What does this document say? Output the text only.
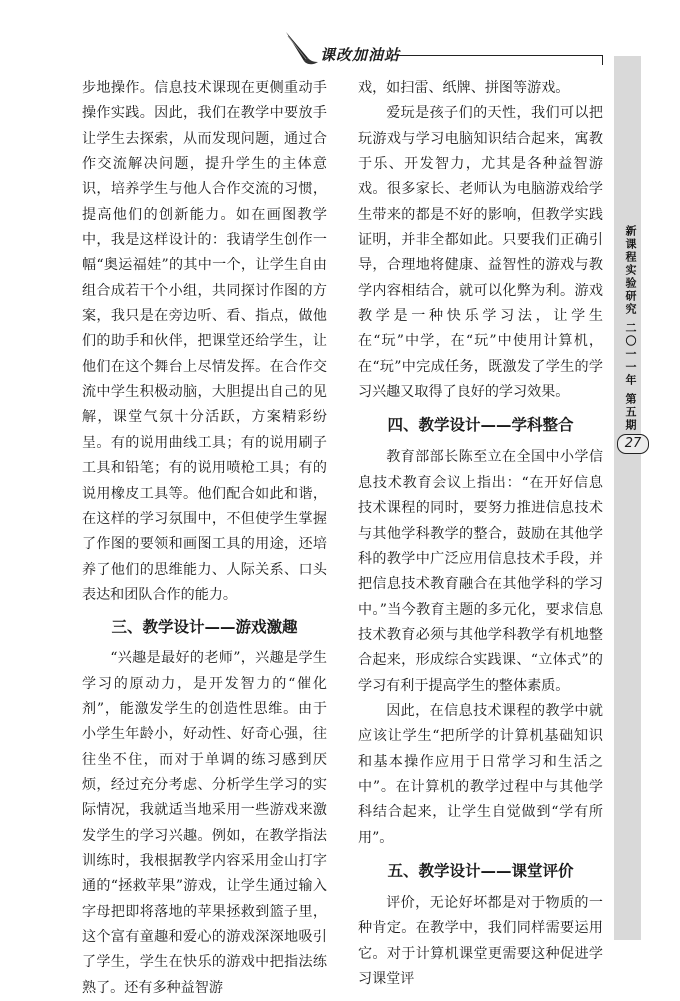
课改加油站
新课程实验研究 二〇一一年 第五期
27

步地操作。信息技术课现在更侧重动手操作实践。因此，我们在教学中要放手让学生去探索，从而发现问题，通过合作交流解决问题，提升学生的主体意识，培养学生与他人合作交流的习惯，提高他们的创新能力。如在画图教学中，我是这样设计的：我请学生创作一幅“奥运福娃”的其中一个，让学生自由组合成若干个小组，共同探讨作图的方案，我只是在旁边听、看、指点，做他们的助手和伙伴，把课堂还给学生，让他们在这个舞台上尽情发挥。在合作交流中学生积极动脑，大胆提出自己的见解，课堂气氛十分活跃，方案精彩纷呈。有的说用曲线工具；有的说用刷子工具和铅笔；有的说用喷枪工具；有的说用橡皮工具等。他们配合如此和谐，在这样的学习氛围中，不但使学生掌握了作图的要领和画图工具的用途，还培养了他们的思维能力、人际关系、口头表达和团队合作的能力。

三、教学设计——游戏激趣

“兴趣是最好的老师”，兴趣是学生学习的原动力，是开发智力的“催化剂”，能激发学生的创造性思维。由于小学生年龄小，好动性、好奇心强，往往坐不住，而对于单调的练习感到厌烦，经过充分考虑、分析学生学习的实际情况，我就适当地采用一些游戏来激发学生的学习兴趣。例如，在教学指法训练时，我根据教学内容采用金山打字通的“拯救苹果”游戏，让学生通过输入字母把即将落地的苹果拯救到篮子里，这个富有童趣和爱心的游戏深深地吸引了学生，学生在快乐的游戏中把指法练熟了。还有多种益智游

戏，如扫雷、纸牌、拼图等游戏。

爱玩是孩子们的天性，我们可以把玩游戏与学习电脑知识结合起来，寓教于乐、开发智力，尤其是各种益智游戏。很多家长、老师认为电脑游戏给学生带来的都是不好的影响，但教学实践证明，并非全都如此。只要我们正确引导，合理地将健康、益智性的游戏与教学内容相结合，就可以化弊为利。游戏教学是一种快乐学习法，让学生在“玩”中学，在“玩”中使用计算机，在“玩”中完成任务，既激发了学生的学习兴趣又取得了良好的学习效果。

四、教学设计——学科整合

教育部部长陈至立在全国中小学信息技术教育会议上指出：“在开好信息技术课程的同时，要努力推进信息技术与其他学科教学的整合，鼓励在其他学科的教学中广泛应用信息技术手段，并把信息技术教育融合在其他学科的学习中。”当今教育主题的多元化，要求信息技术教育必须与其他学科教学有机地整合起来，形成综合实践课、“立体式”的学习有利于提高学生的整体素质。

因此，在信息技术课程的教学中就应该让学生“把所学的计算机基础知识和基本操作应用于日常学习和生活之中”。在计算机的教学过程中与其他学科结合起来，让学生自觉做到“学有所用”。

五、教学设计——课堂评价

评价，无论好坏都是对于物质的一种肯定。在教学中，我们同样需要运用它。对于计算机课堂更需要这种促进学习课堂评
